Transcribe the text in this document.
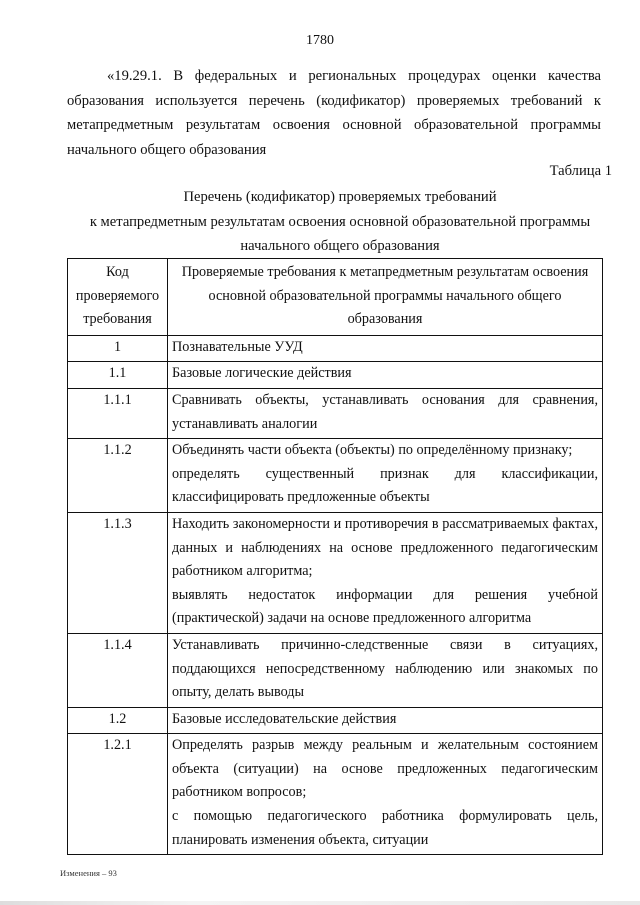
1780

«19.29.1. В федеральных и региональных процедурах оценки качества образования используется перечень (кодификатор) проверяемых требований к метапредметным результатам освоения основной образовательной программы начального общего образования

Таблица 1
Перечень (кодификатор) проверяемых требований
к метапредметным результатам освоения основной образовательной программы
начального общего образования
Код проверяемого требования	Проверяемые требования к метапредметным результатам освоения основной образовательной программы начального общего образования
1	Познавательные УУД

1.1	Базовые логические действия

1.1.1	Сравнивать объекты, устанавливать основания для сравнения, устанавливать аналогии

1.1.2	Объединять части объекта (объекты) по определённому признаку;
определять существенный признак для классификации, классифицировать предложенные объекты

1.1.3	Находить закономерности и противоречия в рассматриваемых фактах, данных и наблюдениях на основе предложенного педагогическим работником алгоритма;
выявлять недостаток информации для решения учебной (практической) задачи на основе предложенного алгоритма

1.1.4	Устанавливать причинно-следственные связи в ситуациях, поддающихся непосредственному наблюдению или знакомых по опыту, делать выводы

1.2	Базовые исследовательские действия

1.2.1	Определять разрыв между реальным и желательным состоянием объекта (ситуации) на основе предложенных педагогическим работником вопросов;
с помощью педагогического работника формулировать цель, планировать изменения объекта, ситуации
Изменения – 93
